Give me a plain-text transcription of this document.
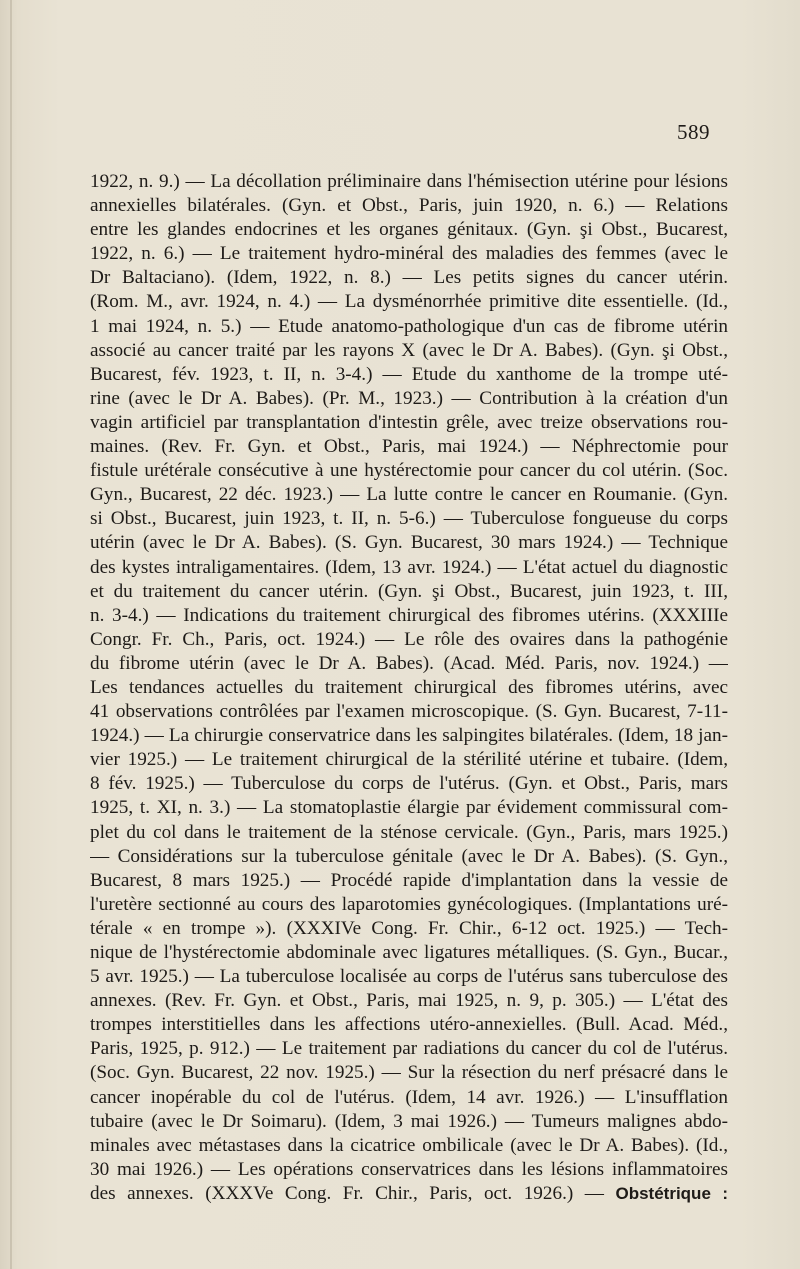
589
1922, n. 9.) — La décollation préliminaire dans l'hémisection utérine pour lésions
annexielles bilatérales. (Gyn. et Obst., Paris, juin 1920, n. 6.) — Relations
entre les glandes endocrines et les organes génitaux. (Gyn. şi Obst., Bucarest,
1922, n. 6.) — Le traitement hydro-minéral des maladies des femmes (avec le
Dr Baltaciano). (Idem, 1922, n. 8.) — Les petits signes du cancer utérin.
(Rom. M., avr. 1924, n. 4.) — La dysménorrhée primitive dite essentielle. (Id.,
1 mai 1924, n. 5.) — Etude anatomo-pathologique d'un cas de fibrome utérin
associé au cancer traité par les rayons X (avec le Dr A. Babes). (Gyn. şi Obst.,
Bucarest, fév. 1923, t. II, n. 3-4.) — Etude du xanthome de la trompe uté-
rine (avec le Dr A. Babes). (Pr. M., 1923.) — Contribution à la création d'un
vagin artificiel par transplantation d'intestin grêle, avec treize observations rou-
maines. (Rev. Fr. Gyn. et Obst., Paris, mai 1924.) — Néphrectomie pour
fistule urétérale consécutive à une hystérectomie pour cancer du col utérin. (Soc.
Gyn., Bucarest, 22 déc. 1923.) — La lutte contre le cancer en Roumanie. (Gyn.
si Obst., Bucarest, juin 1923, t. II, n. 5-6.) — Tuberculose fongueuse du corps
utérin (avec le Dr A. Babes). (S. Gyn. Bucarest, 30 mars 1924.) — Technique
des kystes intraligamentaires. (Idem, 13 avr. 1924.) — L'état actuel du diagnostic
et du traitement du cancer utérin. (Gyn. şi Obst., Bucarest, juin 1923, t. III,
n. 3-4.) — Indications du traitement chirurgical des fibromes utérins. (XXXIIIe
Congr. Fr. Ch., Paris, oct. 1924.) — Le rôle des ovaires dans la pathogénie
du fibrome utérin (avec le Dr A. Babes). (Acad. Méd. Paris, nov. 1924.) —
Les tendances actuelles du traitement chirurgical des fibromes utérins, avec
41 observations contrôlées par l'examen microscopique. (S. Gyn. Bucarest, 7-11-
1924.) — La chirurgie conservatrice dans les salpingites bilatérales. (Idem, 18 jan-
vier 1925.) — Le traitement chirurgical de la stérilité utérine et tubaire. (Idem,
8 fév. 1925.) — Tuberculose du corps de l'utérus. (Gyn. et Obst., Paris, mars
1925, t. XI, n. 3.) — La stomatoplastie élargie par évidement commissural com-
plet du col dans le traitement de la sténose cervicale. (Gyn., Paris, mars 1925.)
— Considérations sur la tuberculose génitale (avec le Dr A. Babes). (S. Gyn.,
Bucarest, 8 mars 1925.) — Procédé rapide d'implantation dans la vessie de
l'uretère sectionné au cours des laparotomies gynécologiques. (Implantations uré-
térale « en trompe »). (XXXIVe Cong. Fr. Chir., 6-12 oct. 1925.) — Tech-
nique de l'hystérectomie abdominale avec ligatures métalliques. (S. Gyn., Bucar.,
5 avr. 1925.) — La tuberculose localisée au corps de l'utérus sans tuberculose des
annexes. (Rev. Fr. Gyn. et Obst., Paris, mai 1925, n. 9, p. 305.) — L'état des
trompes interstitielles dans les affections utéro-annexielles. (Bull. Acad. Méd.,
Paris, 1925, p. 912.) — Le traitement par radiations du cancer du col de l'utérus.
(Soc. Gyn. Bucarest, 22 nov. 1925.) — Sur la résection du nerf présacré dans le
cancer inopérable du col de l'utérus. (Idem, 14 avr. 1926.) — L'insufflation
tubaire (avec le Dr Soimaru). (Idem, 3 mai 1926.) — Tumeurs malignes abdo-
minales avec métastases dans la cicatrice ombilicale (avec le Dr A. Babes). (Id.,
30 mai 1926.) — Les opérations conservatrices dans les lésions inflammatoires
des annexes. (XXXVe Cong. Fr. Chir., Paris, oct. 1926.) — Obstétrique :
